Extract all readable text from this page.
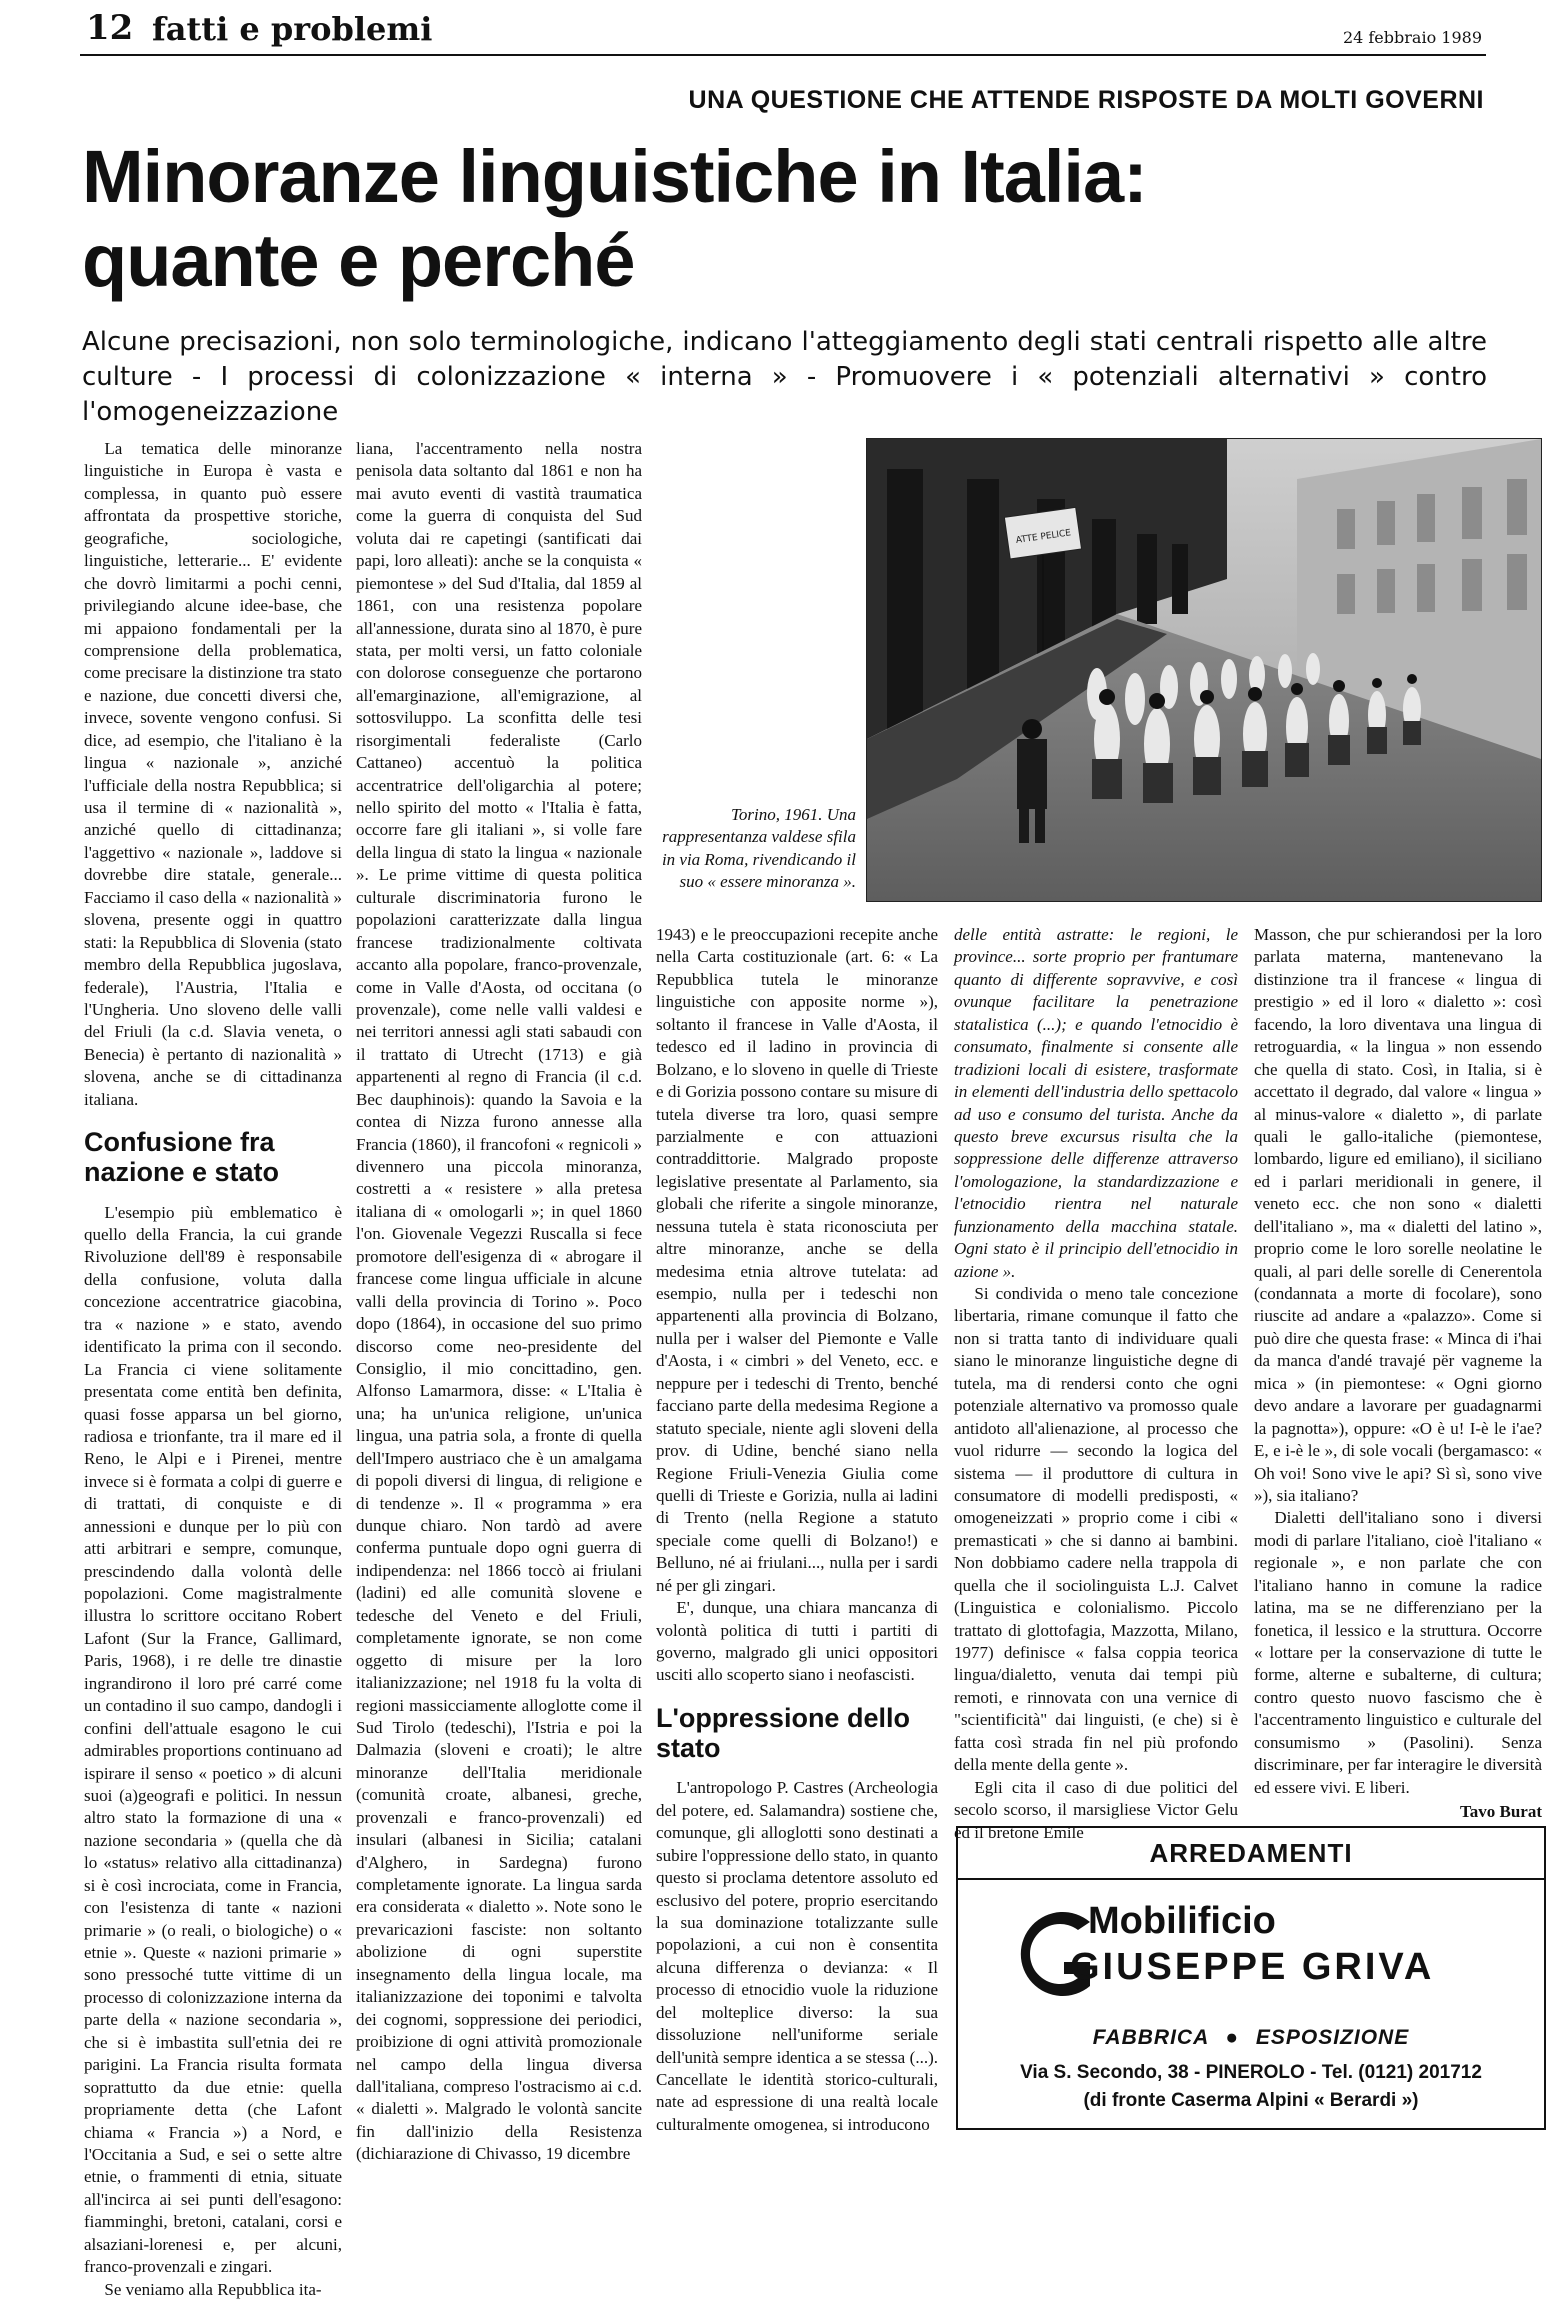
12 fatti e problemi	24 febbraio 1989
UNA QUESTIONE CHE ATTENDE RISPOSTE DA MOLTI GOVERNI
Minoranze linguistiche in Italia:
quante e perché

Alcune precisazioni, non solo terminologiche, indicano l'atteggiamento degli stati centrali rispetto alle altre culture - I processi di colonizzazione « interna » - Promuovere i « potenziali alternativi » contro l'omogeneizzazione

La tematica delle minoranze linguistiche in Europa è vasta e complessa, in quanto può essere affrontata da prospettive storiche, geografiche, sociologiche, linguistiche, letterarie... E' evidente che dovrò limitarmi a pochi cenni, privilegiando alcune idee-base, che mi appaiono fondamentali per la comprensione della problematica, come precisare la distinzione tra stato e nazione, due concetti diversi che, invece, sovente vengono confusi. Si dice, ad esempio, che l'italiano è la lingua « nazionale », anziché l'ufficiale della nostra Repubblica; si usa il termine di « nazionalità », anziché quello di cittadinanza; l'aggettivo « nazionale », laddove si dovrebbe dire statale, generale... Facciamo il caso della « nazionalità » slovena, presente oggi in quattro stati: la Repubblica di Slovenia (stato membro della Repubblica jugoslava, federale), l'Austria, l'Italia e l'Ungheria. Uno sloveno delle valli del Friuli (la c.d. Slavia veneta, o Benecia) è pertanto di nazionalità » slovena, anche se di cittadinanza italiana.

Confusione fra nazione e stato

L'esempio più emblematico è quello della Francia, la cui grande Rivoluzione dell'89 è responsabile della confusione, voluta dalla concezione accentratrice giacobina, tra « nazione » e stato, avendo identificato la prima con il secondo. La Francia ci viene solitamente presentata come entità ben definita, quasi fosse apparsa un bel giorno, radiosa e trionfante, tra il mare ed il Reno, le Alpi e i Pirenei, mentre invece si è formata a colpi di guerre e di trattati, di conquiste e di annessioni e dunque per lo più con atti arbitrari e sempre, comunque, prescindendo dalla volontà delle popolazioni. Come magistralmente illustra lo scrittore occitano Robert Lafont (Sur la France, Gallimard, Paris, 1968), i re delle tre dinastie ingrandirono il loro pré carré come un contadino il suo campo, dandogli i confini dell'attuale esagono le cui admirables proportions continuano ad ispirare il senso « poetico » di alcuni suoi (a)geografi e politici. In nessun altro stato la formazione di una « nazione secondaria » (quella che dà lo «status» relativo alla cittadinanza) si è così incrociata, come in Francia, con l'esistenza di tante « nazioni primarie » (o reali, o biologiche) o « etnie ». Queste « nazioni primarie » sono pressoché tutte vittime di un processo di colonizzazione interna da parte della « nazione secondaria », che si è imbastita sull'etnia dei re parigini. La Francia risulta formata soprattutto da due etnie: quella propriamente detta (che Lafont chiama « Francia ») a Nord, e l'Occitania a Sud, e sei o sette altre etnie, o frammenti di etnia, situate all'incirca ai sei punti dell'esagono: fiamminghi, bretoni, catalani, corsi e alsaziani-lorenesi e, per alcuni, franco-provenzali e zingari.

Se veniamo alla Repubblica ita-

liana, l'accentramento nella nostra penisola data soltanto dal 1861 e non ha mai avuto eventi di vastità traumatica come la guerra di conquista del Sud voluta dai re capetingi (santificati dai papi, loro alleati): anche se la conquista « piemontese » del Sud d'Italia, dal 1859 al 1861, con una resistenza popolare all'annessione, durata sino al 1870, è pure stata, per molti versi, un fatto coloniale con dolorose conseguenze che portarono all'emarginazione, all'emigrazione, al sottosviluppo. La sconfitta delle tesi risorgimentali federaliste (Carlo Cattaneo) accentuò la politica accentratrice dell'oligarchia al potere; nello spirito del motto « l'Italia è fatta, occorre fare gli italiani », si volle fare della lingua di stato la lingua « nazionale ». Le prime vittime di questa politica culturale discriminatoria furono le popolazioni caratterizzate dalla lingua francese tradizionalmente coltivata accanto alla popolare, franco-provenzale, come in Valle d'Aosta, od occitana (o provenzale), come nelle valli valdesi e nei territori annessi agli stati sabaudi con il trattato di Utrecht (1713) e già appartenenti al regno di Francia (il c.d. Bec dauphinois): quando la Savoia e la contea di Nizza furono annesse alla Francia (1860), il francofoni « regnicoli » divennero una piccola minoranza, costretti a « resistere » alla pretesa italiana di « omologarli »; in quel 1860 l'on. Giovenale Vegezzi Ruscalla si fece promotore dell'esigenza di « abrogare il francese come lingua ufficiale in alcune valli della provincia di Torino ». Poco dopo (1864), in occasione del suo primo discorso come neo-presidente del Consiglio, il mio concittadino, gen. Alfonso Lamarmora, disse: « L'Italia è una; ha un'unica religione, un'unica lingua, una patria sola, a fronte di quella dell'Impero austriaco che è un amalgama di popoli diversi di lingua, di religione e di tendenze ». Il « programma » era dunque chiaro. Non tardò ad avere conferma puntuale dopo ogni guerra di indipendenza: nel 1866 toccò ai friulani (ladini) ed alle comunità slovene e tedesche del Veneto e del Friuli, completamente ignorate, se non come oggetto di misure per la loro italianizzazione; nel 1918 fu la volta di regioni massicciamente alloglotte come il Sud Tirolo (tedeschi), l'Istria e poi la Dalmazia (sloveni e croati); le altre minoranze dell'Italia meridionale (comunità croate, albanesi, greche, provenzali e franco-provenzali) ed insulari (albanesi in Sicilia; catalani d'Alghero, in Sardegna) furono completamente ignorate. La lingua sarda era considerata « dialetto ». Note sono le prevaricazioni fasciste: non soltanto abolizione di ogni superstite insegnamento della lingua locale, ma italianizzazione dei toponimi e talvolta dei cognomi, soppressione dei periodici, proibizione di ogni attività promozionale nel campo della lingua diversa dall'italiana, compreso l'ostracismo ai c.d. « dialetti ». Malgrado le volontà sancite fin dall'inizio della Resistenza (dichiarazione di Chivasso, 19 dicembre

Torino, 1961. Una rappresentanza valdese sfila in via Roma, rivendicando il suo « essere minoranza ».
ATTE PELICE

1943) e le preoccupazioni recepite anche nella Carta costituzionale (art. 6: « La Repubblica tutela le minoranze linguistiche con apposite norme »), soltanto il francese in Valle d'Aosta, il tedesco ed il ladino in provincia di Bolzano, e lo sloveno in quelle di Trieste e di Gorizia possono contare su misure di tutela diverse tra loro, quasi sempre parzialmente e con attuazioni contraddittorie. Malgrado proposte legislative presentate al Parlamento, sia globali che riferite a singole minoranze, nessuna tutela è stata riconosciuta per altre minoranze, anche se della medesima etnia altrove tutelata: ad esempio, nulla per i tedeschi non appartenenti alla provincia di Bolzano, nulla per i walser del Piemonte e Valle d'Aosta, i « cimbri » del Veneto, ecc. e neppure per i tedeschi di Trento, benché facciano parte della medesima Regione a statuto speciale, niente agli sloveni della prov. di Udine, benché siano nella Regione Friuli-Venezia Giulia come quelli di Trieste e Gorizia, nulla ai ladini di Trento (nella Regione a statuto speciale come quelli di Bolzano!) e Belluno, né ai friulani..., nulla per i sardi né per gli zingari.

E', dunque, una chiara mancanza di volontà politica di tutti i partiti di governo, malgrado gli unici oppositori usciti allo scoperto siano i neofascisti.

L'oppressione dello stato

L'antropologo P. Castres (Archeologia del potere, ed. Salamandra) sostiene che, comunque, gli alloglotti sono destinati a subire l'oppressione dello stato, in quanto questo si proclama detentore assoluto ed esclusivo del potere, proprio esercitando la sua dominazione totalizzante sulle popolazioni, a cui non è consentita alcuna differenza o devianza: « Il processo di etnocidio vuole la riduzione del molteplice diverso: la sua dissoluzione nell'uniforme seriale dell'unità sempre identica a se stessa (...). Cancellate le identità storico-culturali, nate ad espressione di una realtà locale culturalmente omogenea, si introducono

delle entità astratte: le regioni, le province... sorte proprio per frantumare quanto di differente sopravvive, e così ovunque facilitare la penetrazione statalistica (...); e quando l'etnocidio è consumato, finalmente si consente alle tradizioni locali di esistere, trasformate in elementi dell'industria dello spettacolo ad uso e consumo del turista. Anche da questo breve excursus risulta che la soppressione delle differenze attraverso l'omologazione, la standardizzazione e l'etnocidio rientra nel naturale funzionamento della macchina statale. Ogni stato è il principio dell'etnocidio in azione ».

Si condivida o meno tale concezione libertaria, rimane comunque il fatto che non si tratta tanto di individuare quali siano le minoranze linguistiche degne di tutela, ma di rendersi conto che ogni potenziale alternativo va promosso quale antidoto all'alienazione, al processo che vuol ridurre — secondo la logica del sistema — il produttore di cultura in consumatore di modelli predisposti, « omogeneizzati » proprio come i cibi « premasticati » che si danno ai bambini. Non dobbiamo cadere nella trappola di quella che il sociolinguista L.J. Calvet (Linguistica e colonialismo. Piccolo trattato di glottofagia, Mazzotta, Milano, 1977) definisce « falsa coppia teorica lingua/dialetto, venuta dai tempi più remoti, e rinnovata con una vernice di "scientificità" dai linguisti, (e che) si è fatta così strada fin nel più profondo della mente della gente ».

Egli cita il caso di due politici del secolo scorso, il marsigliese Victor Gelu ed il bretone Emile

Masson, che pur schierandosi per la loro parlata materna, mantenevano la distinzione tra il francese « lingua di prestigio » ed il loro « dialetto »: così facendo, la loro diventava una lingua di retroguardia, « la lingua » non essendo che quella di stato. Così, in Italia, si è accettato il degrado, dal valore « lingua » al minus-valore « dialetto », di parlate quali le gallo-italiche (piemontese, lombardo, ligure ed emiliano), il siciliano ed i parlari meridionali in genere, il veneto ecc. che non sono « dialetti dell'italiano », ma « dialetti del latino », proprio come le loro sorelle neolatine le quali, al pari delle sorelle di Cenerentola (condannata a morte di focolare), sono riuscite ad andare a «palazzo». Come si può dire che questa frase: « Minca di i'hai da manca d'andé travajé për vagneme la mica » (in piemontese: « Ogni giorno devo andare a lavorare per guadagnarmi la pagnotta»), oppure: «O è u! I-è le i'ae? E, e i-è le », di sole vocali (bergamasco: « Oh voi! Sono vive le api? Sì sì, sono vive »), sia italiano?

Dialetti dell'italiano sono i diversi modi di parlare l'italiano, cioè l'italiano « regionale », e non parlate che con l'italiano hanno in comune la radice latina, ma se ne differenziano per la fonetica, il lessico e la struttura. Occorre « lottare per la conservazione di tutte le forme, alterne e subalterne, di cultura; contro questo nuovo fascismo che è l'accentramento linguistico e culturale del consumismo » (Pasolini). Senza discriminare, per far interagire le diversità ed essere vivi. E liberi.

Tavo Burat
ARREDAMENTI
Mobilificio
GIUSEPPE GRIVA
FABBRICA ● ESPOSIZIONE
Via S. Secondo, 38 - PINEROLO - Tel. (0121) 201712
(di fronte Caserma Alpini « Berardi »)
